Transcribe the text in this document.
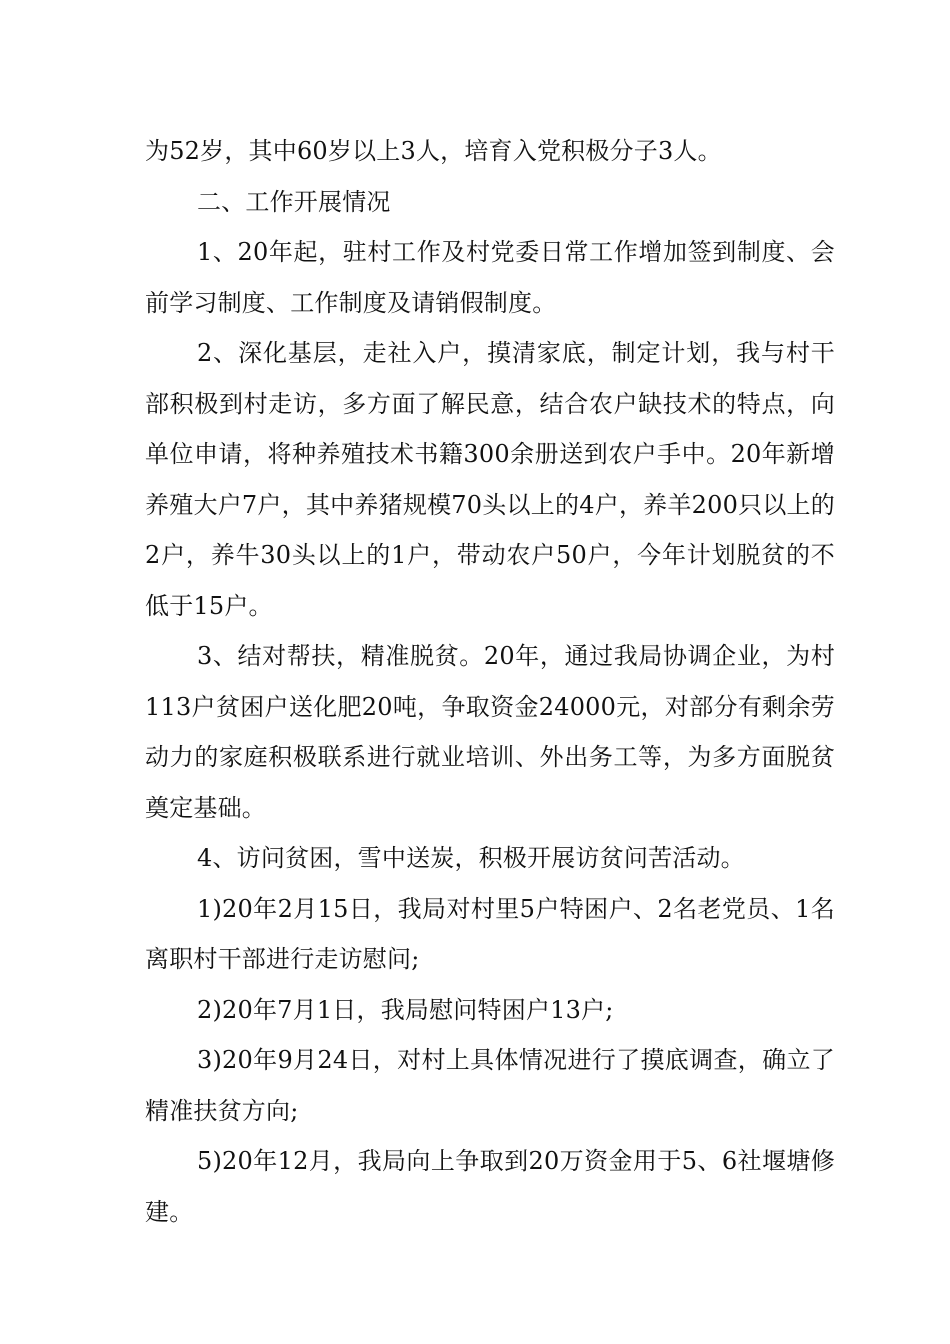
为52岁，其中60岁以上3人，培育入党积极分子3人。

二、工作开展情况

1、20年起，驻村工作及村党委日常工作增加签到制度、会前学习制度、工作制度及请销假制度。

2、深化基层，走社入户，摸清家底，制定计划，我与村干部积极到村走访，多方面了解民意，结合农户缺技术的特点，向单位申请，将种养殖技术书籍300余册送到农户手中。20年新增养殖大户7户，其中养猪规模70头以上的4户，养羊200只以上的2户，养牛30头以上的1户，带动农户50户，今年计划脱贫的不低于15户。

3、结对帮扶，精准脱贫。20年，通过我局协调企业，为村113户贫困户送化肥20吨，争取资金24000元，对部分有剩余劳动力的家庭积极联系进行就业培训、外出务工等，为多方面脱贫奠定基础。

4、访问贫困，雪中送炭，积极开展访贫问苦活动。

1)20年2月15日，我局对村里5户特困户、2名老党员、1名离职村干部进行走访慰问;

2)20年7月1日，我局慰问特困户13户;

3)20年9月24日，对村上具体情况进行了摸底调查，确立了精准扶贫方向;

5)20年12月，我局向上争取到20万资金用于5、6社堰塘修建。
